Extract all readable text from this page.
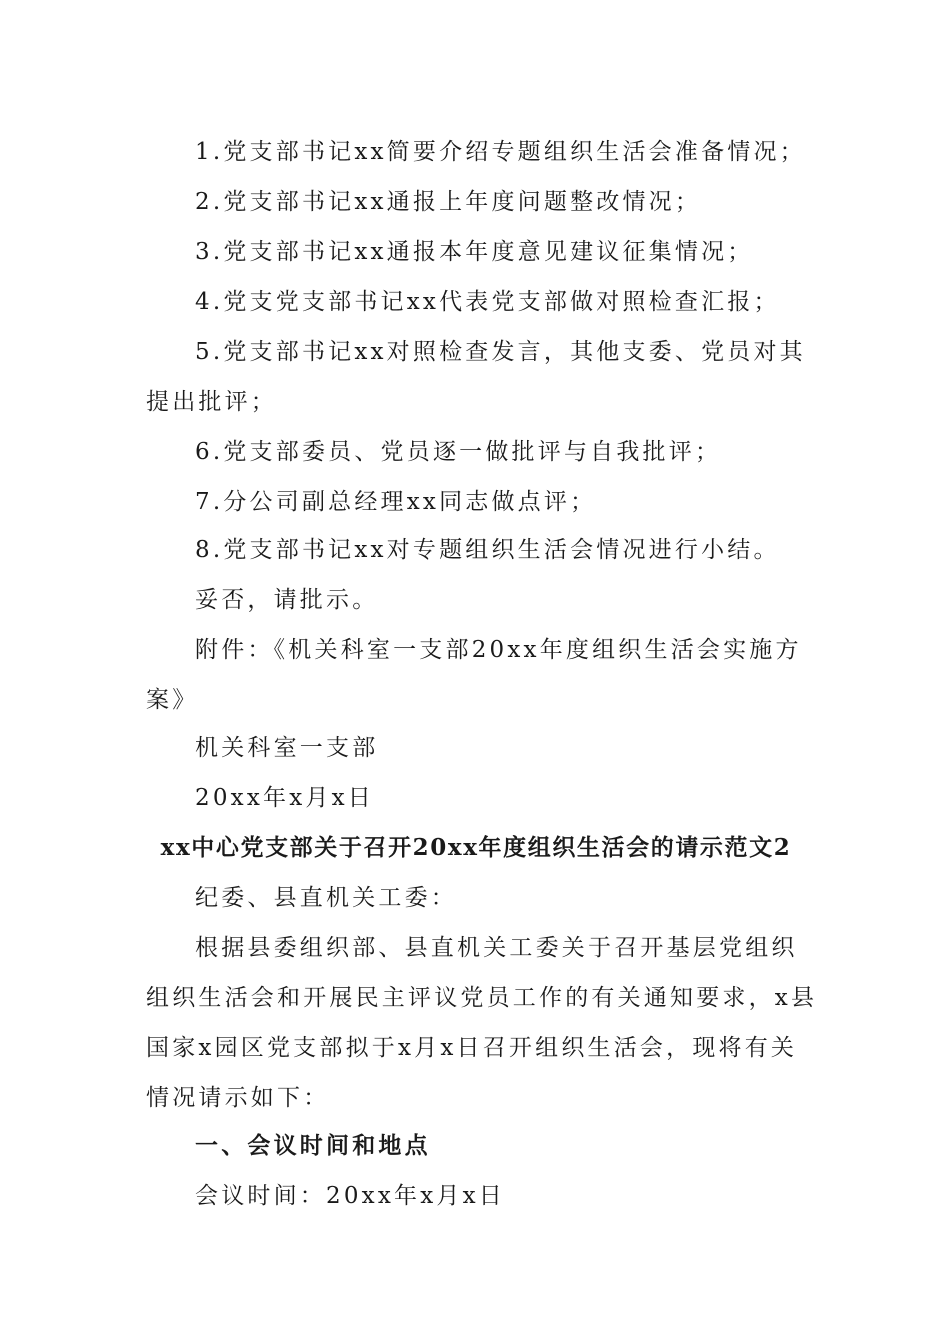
1.党支部书记xx简要介绍专题组织生活会准备情况；
2.党支部书记xx通报上年度问题整改情况；
3.党支部书记xx通报本年度意见建议征集情况；
4.党支党支部书记xx代表党支部做对照检查汇报；
5.党支部书记xx对照检查发言，其他支委、党员对其
提出批评；
6.党支部委员、党员逐一做批评与自我批评；
7.分公司副总经理xx同志做点评；
8.党支部书记xx对专题组织生活会情况进行小结。
妥否，请批示。
附件：《机关科室一支部20xx年度组织生活会实施方
案》
机关科室一支部
20xx年x月x日
xx中心党支部关于召开20xx年度组织生活会的请示范文2
纪委、县直机关工委：
根据县委组织部、县直机关工委关于召开基层党组织
组织生活会和开展民主评议党员工作的有关通知要求，x县
国家x园区党支部拟于x月x日召开组织生活会，现将有关
情况请示如下：
一、会议时间和地点
会议时间：20xx年x月x日
